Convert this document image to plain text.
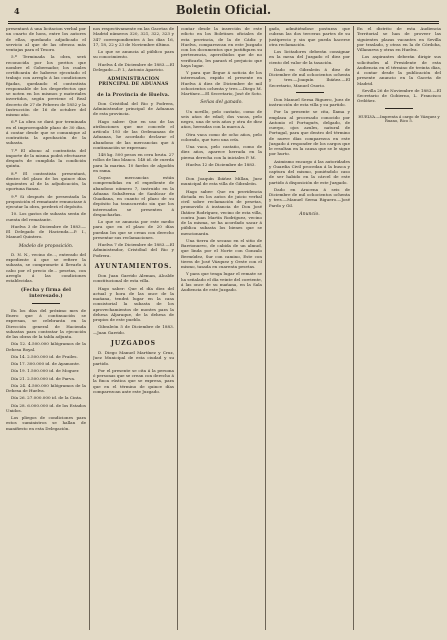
4	Boletin Oficial.

presentará á una licitacion verbal por un cuarto de hora, entre los autores de ellas, quedando adjudicado el servicio al que de las ofrezca más ventajas para el Tesoro.

5.ª Terminada la obra, será reconocida por los peritos que nombre el Gobernador, los cuales certificarán de haberse ejecutado el trabajo con arreglo á las condiciones fijadas, quedando el contratista responsable de los desperfectos que se noten en los mismos y materiales invertidos, según previene el Real decreto de 27 de Febrero de 1852 y la Instrucción de 16 de octubre del mismo año.

6.ª La obra se dará por terminada en el improrrogable plazo de 30 días, á contar desde que se comunique al contratista la aprobación de la subasta.

7.ª El abono al contratista del importe de la misma podrá efectuarse después de cumplida la condición quinta.

8.ª El contratista presentará, dentro del plazo de los quince días siguientes al de la adjudicación, la oportuna fianza.

9.ª Si después de presentada la proposición el rematante renunciase á ejecutar la obra, perderá el depósito.

10. Los gastos de subasta serán de cuenta del rematante.

Huelva 3 de Diciembre de 1883.—El Delegado de Hacienda.—P. I., Manuel Quintero.

Modelo de proposición.

D. N. N., vecino de..., enterado del expediente á que se refiere la subasta, se compromete á llevarlo á cabo por el precio de... pesetas, con arreglo á las condiciones establecidas.

(Fecha y firma del interesado.)

En los días del próximo mes de Enero que á continuación se expresan, se celebrarán en la Dirección general de Hacienda subastas para contratar la ejecución de las obras de la tabla adjunta.

Día 12. 4.500.000 kilógramos de la Dehesa Boyal.

Día 14. 2.500.000 id. de Frailes.

Día 17. 300.000 id. de Ayamonte.

Día 19. 1.500.000 id. de Moguer.

Día 21. 2.500.000 id. de Parva.

Día 24. 4.500.000 kilógramos de la Dehesa de Huelva.

Día 26. 27.000.000 id. de la Cinta.

Día 28. 6.000.000 id. de los Estados Unidos.

Los pliegos de condiciones para estos suministros se hallan de manifiesto en esta Delegación.

nos respectivamente en las Gacetas de Madrid números 320, 321, 322, 323 y 347 correspondientes á los días 16, 17, 18, 22 y 23 de Noviembre último.

Lo que se anuncia al público para su conocimiento.

Huelva 4 de Diciembre de 1883.—El Delegado.—P. I., Antonio Aparicio.

ADMINISTRACION PRINCIPAL DE ADUANAS
de la Provincia de Huelva.

Don Cristóbal del Rio y Podrera, Administrador principal de Aduanas de esta provincia.

Hago saber: Que en uso de las atribuciones que me concede el artículo 193 de las Ordenanzas de Aduanas, he acordado declarar el abandono de las mercancías que á continuación se expresan:

148 kg. 500 pesos en cera bruta. 27 rollos de lino blanco. 148 id. de cuerda para la marina. 10 fardos de algodón en rama.

Cuyas mercancías están comprendidas en el expediente de abandono número 7, instruido en la Aduana Subalterna de Sanlúcar de Guadiana, en cuanto el plazo de su depósito ha transcurrido sin que los interesados se presenten á despacharlas.

Lo que se anuncia por este medio para que en el plazo de 20 días puedan los que se crean con derecho presentar sus reclamaciones.

Huelva 7 de Diciembre de 1883.—El Administrador, Cristóbal del Rio y Podrera.

AYUNTAMIENTOS.

Don Juan Garrido Aleman, Alcalde constitucional de esta villa.

Hago saber: Que el día diez del actual y hora de las once de la mañana, tendrá lugar en la casa consistorial la subasta de los aprovechamientos de montes para la dehesa Aljaraque, de la dehesa de propios de este pueblo.

Gibraleón 5 de Diciembre de 1883.—Juan Garrido.

JUZGADOS

D. Diego Manuel Martínez y Cruz, Juez Municipal de esta ciudad y su partido.

Por el presente se cita á la persona ó personas que se crean con derecho á la finca rústica que se expresa, para que en el término de quince días comparezcan ante este Juzgado.

contar desde la inserción de este edicto en los Boletines oficiales de esta provincia, de la de Cádiz y Huelva, comparezcan en este Juzgado con los documentos que justifiquen su pertenencia, apercibidos que de no verificarlo, les parará el perjuicio que haya lugar.

Y para que llegue á noticia de los interesados, expido el presente en Huelva á diez de Diciembre de mil ochocientos ochenta y tres.—Diego M. Martínez.—El Secretario, José de Soto.

Señas del ganado.

Un novillo, pelo castaño, como de seis años de edad; dos vacas, pelo negro, una de seis años y otra de diez años, herradas con la marca A.

Otra vaca como de ocho años, pelo colorado, que tuvo una cría.

Una vaca, pelo castaño, como de diez años, aparece herrada en la pierna derecha con la iniciales P. M.

Huelva 12 de Diciembre de 1883.

Don Joaquín Ibáñez Millan, Juez municipal de esta villa de Gibraleón.

Hago saber: Que en providencia dictada en los autos de juicio verbal civil sobre reclamación de pesetas, promovido á instancia de Don José Ibáñez Rodríguez, vecino de esta villa, contra Juan Martín Rodríguez, vecino de la misma, se ha acordado sacar á pública subasta los bienes que se mencionarán.

Una tierra de secano en el sitio de Barrionuevo, de cabida de un almud, que linda por el Norte con Gonzalo Bermúdez, Sur con camino, Este con tierra de José Vázquez y Oeste con el mismo, tasada en cuarenta pesetas.

Y para que tenga lugar el remate se ha señalado el día veinte del corriente, á las once de su mañana, en la Sala Audiencia de este Juzgado.

gado, admitiéndose posturas que cubran las dos terceras partes de su justiprecio y sin que pueda hacerse otra reclamación.

Los licitadores deberán consignar en la mesa del Juzgado el diez por ciento del valor de la tasación.

Dado en Gibraleón á diez de Diciembre de mil ochocientos ochenta y tres.—Joaquín Ibáñez.—El Secretario, Manuel Osorio.

Don Manuel Serna Riguero, Juez de instrucción de esta villa y su partido.

Por la presente se cita, llama y emplaza al procesado conocido por Antonio el Portugués, delgado, de cuerpo, ojos azules, natural de Portugal, para que dentro del término de nueve días comparezca en este Juzgado á responder de los cargos que le resultan en la causa que se le sigue por hurto.

Asimismo encargo á las autoridades y Guardia Civil procedan á la busca y captura del mismo, poniéndolo caso de ser habido en la cárcel de este partido á disposición de este Juzgado.

Dado en Aracena á seis de Diciembre de mil ochocientos ochenta y tres.—Manuel Serna Riguero.—José Pardo y Gil.

Anuncio.

En el distrito de esta Audiencia Territorial se han de proveer las siguientes plazas vacantes en Sevilla por traslado, y otras en la de Córdoba, Villanueva y otras en Huelva.

Los aspirantes deberán dirigir sus solicitudes al Presidente de esta Audiencia en el término de treinta días, á contar desde la publicación del presente anuncio en la Gaceta de Madrid.

Sevilla 26 de Noviembre de 1883.—El Secretario de Gobierno, L. Francisco Ordóñez.

HUELVA.—Imprenta á cargo de Vázquez y Ruano, Rico 5.
